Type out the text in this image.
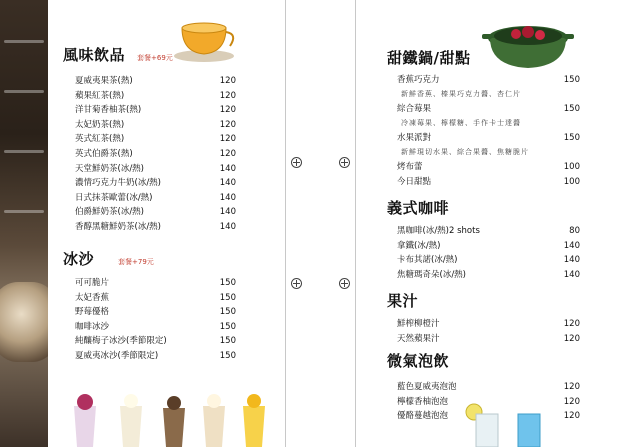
風味飲品 套餐+69元
夏威夷果茶(熱)	120
蘋果紅茶(熱)	120
洋甘菊香柚茶(熱)	120
太妃奶茶(熱)	120
英式紅茶(熱)	120
英式伯爵茶(熱)	120
天堂鮮奶茶(冰/熱)	140
濃情巧克力牛奶(冰/熱)	140
日式抹茶歐蕾(冰/熱)	140
伯爵鮮奶茶(冰/熱)	140
香醇黑糖鮮奶茶(冰/熱)	140
冰沙	套餐+79元
可可脆片	150
太妃香蕉	150
野莓優格	150
咖啡冰沙	150
純釀梅子冰沙(季節限定)	150
夏威夷冰沙(季節限定)	150
甜鐵鍋/甜點
香蕉巧克力	150
新鮮香蕉、榛果巧克力醬、杏仁片
綜合莓果	150
冷凍莓果、檸檬糖、手作卡士達醬
水果派對	150
新鮮現切水果、綜合果醬、焦糖脆片
烤布蕾	100
今日甜點	100
義式咖啡
黑咖啡(冰/熱)2 shots	80
拿鐵(冰/熱)	140
卡布其諾(冰/熱)	140
焦糖瑪奇朵(冰/熱)	140
果汁
鮮榨柳橙汁	120
天然蘋果汁	120
微氣泡飲
藍色夏威夷泡泡	120
檸檬香柚泡泡	120
優酪蔓越泡泡	120
